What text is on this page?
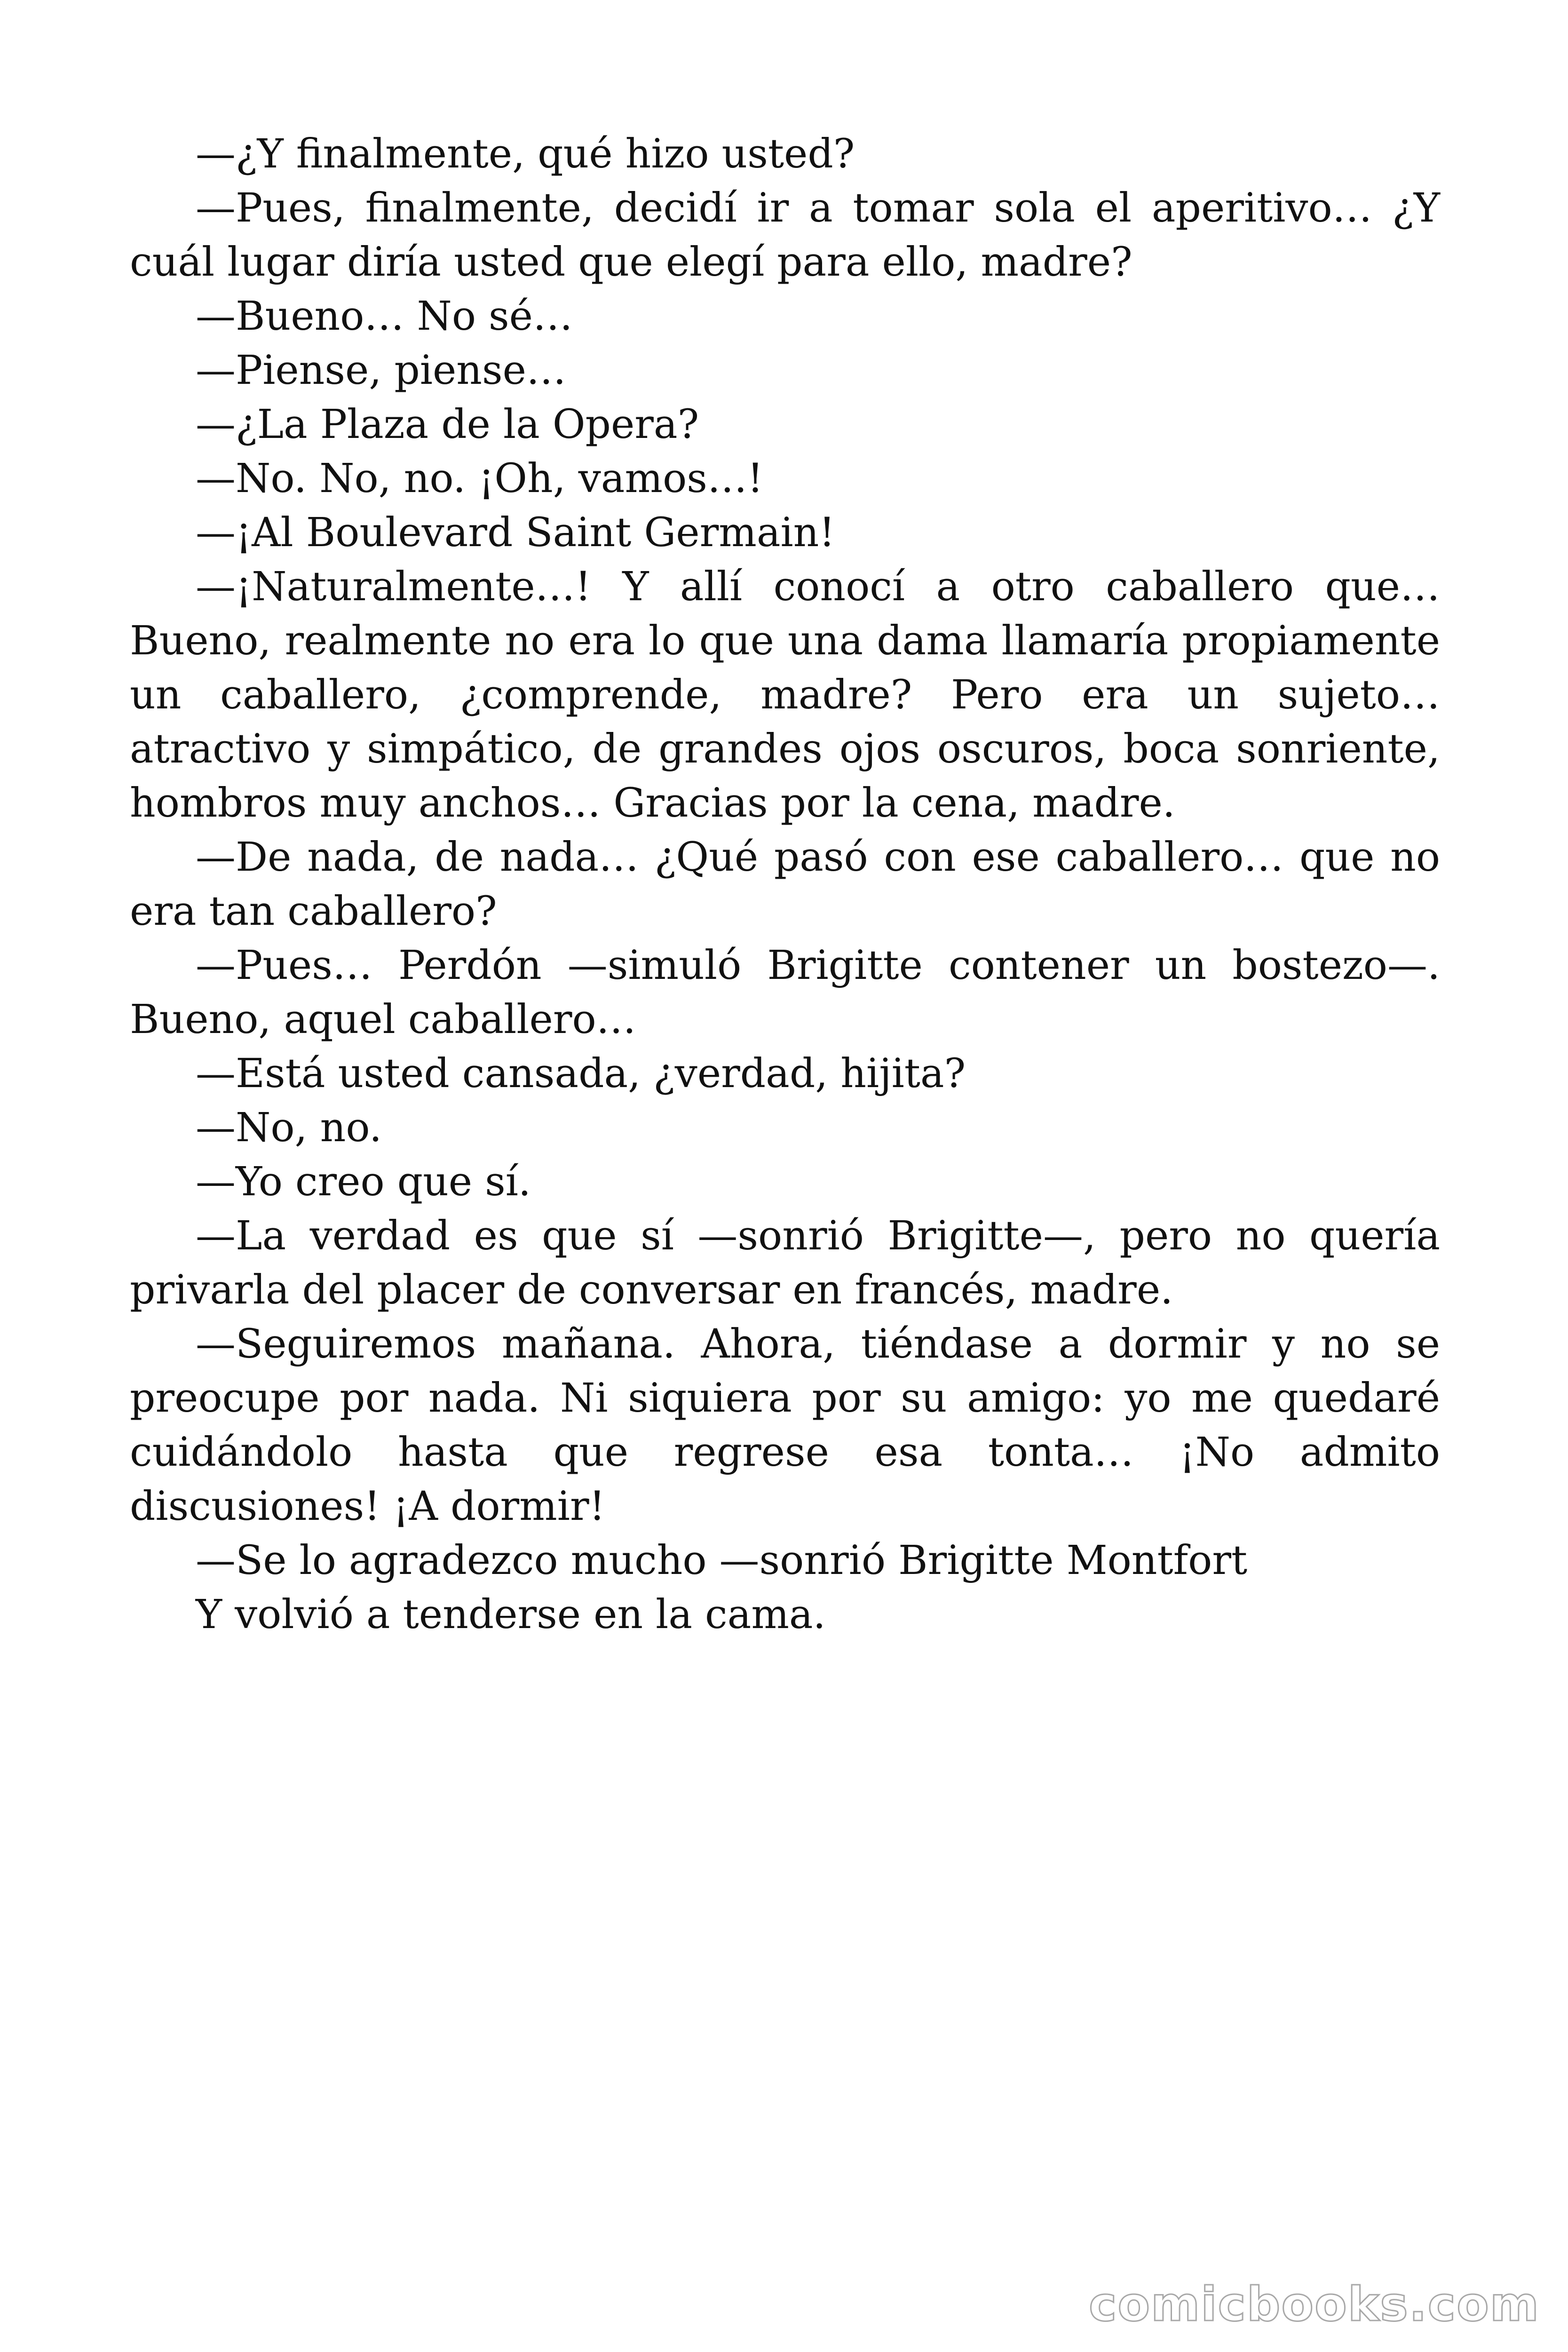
—¿Y finalmente, qué hizo usted?

—Pues, finalmente, decidí ir a tomar sola el aperitivo… ¿Y cuál lugar diría usted que elegí para ello, madre?

—Bueno… No sé…

—Piense, piense…

—¿La Plaza de la Opera?

—No. No, no. ¡Oh, vamos…!

—¡Al Boulevard Saint Germain!

—¡Naturalmente…! Y allí conocí a otro caballero que… Bueno, realmente no era lo que una dama llamaría propiamente un caballero, ¿comprende, madre? Pero era un sujeto… atractivo y simpático, de grandes ojos oscuros, boca sonriente, hombros muy anchos… Gracias por la cena, madre.

—De nada, de nada… ¿Qué pasó con ese caballero… que no era tan caballero?

—Pues… Perdón —simuló Brigitte contener un bostezo—. Bueno, aquel caballero…

—Está usted cansada, ¿verdad, hijita?

—No, no.

—Yo creo que sí.

—La verdad es que sí —sonrió Brigitte—, pero no quería privarla del placer de conversar en francés, madre.

—Seguiremos mañana. Ahora, tiéndase a dormir y no se preocupe por nada. Ni siquiera por su amigo: yo me quedaré cuidándolo hasta que regrese esa tonta… ¡No admito discusiones! ¡A dormir!

—Se lo agradezco mucho —sonrió Brigitte Montfort

Y volvió a tenderse en la cama.

comicbooks.com
